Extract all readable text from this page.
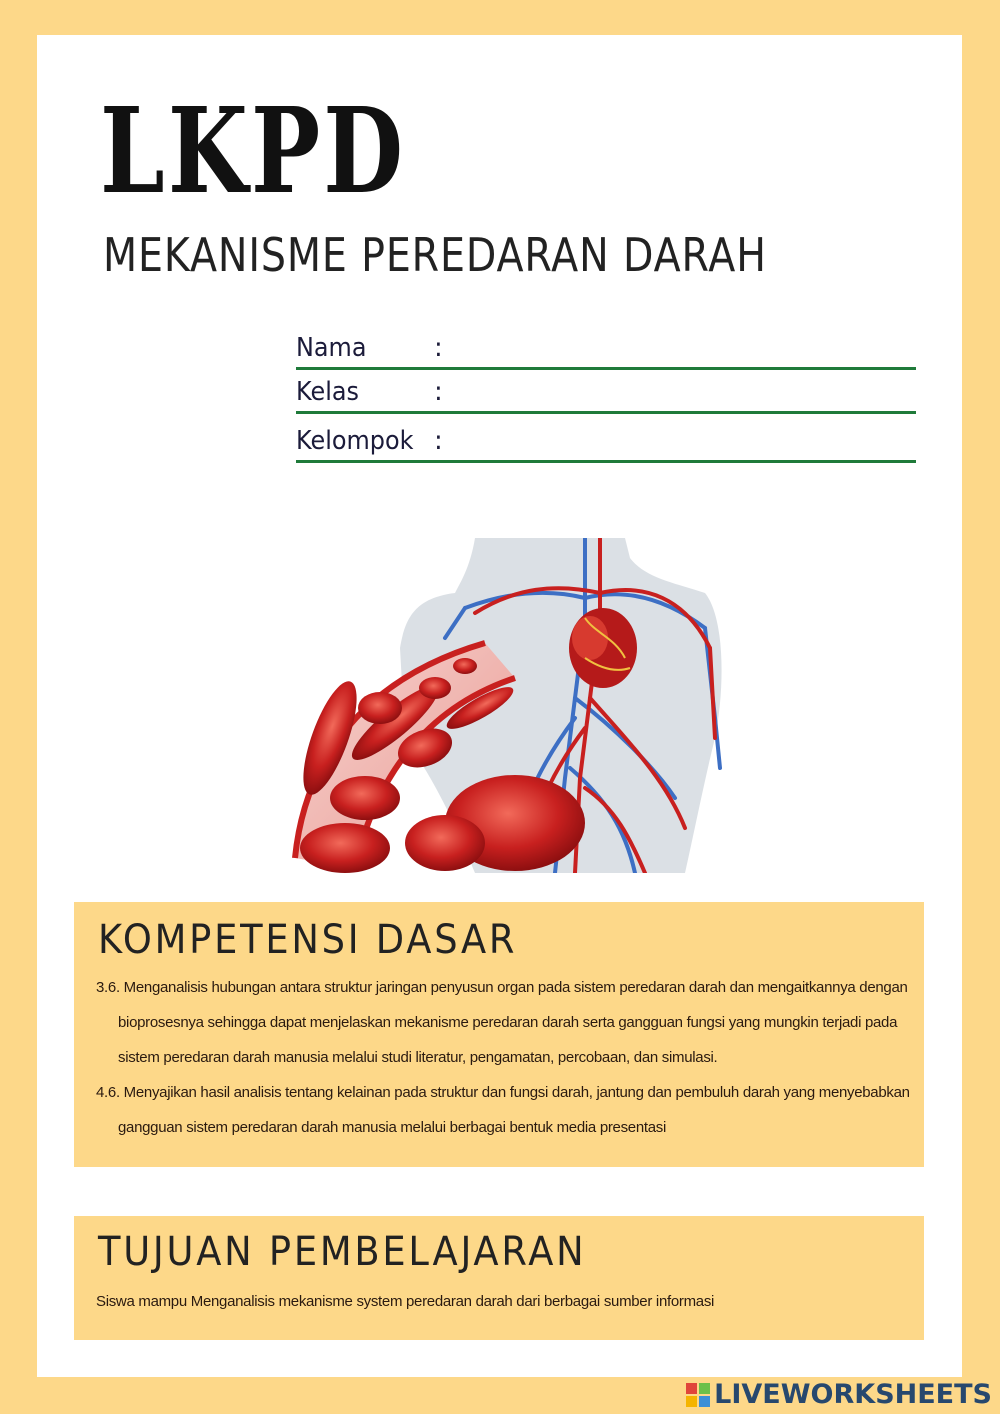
LKPD
MEKANISME PEREDARAN DARAH
Nama	:
Kelas	:
Kelompok :
KOMPETENSI DASAR
3.6. Menganalisis hubungan antara struktur jaringan penyusun organ pada sistem peredaran darah dan mengaitkannya dengan
bioprosesnya sehingga dapat menjelaskan mekanisme peredaran darah serta gangguan fungsi yang mungkin terjadi pada
sistem peredaran darah manusia melalui studi literatur, pengamatan, percobaan, dan simulasi.
4.6. Menyajikan hasil analisis tentang kelainan pada struktur dan fungsi darah, jantung dan pembuluh darah yang menyebabkan
gangguan sistem peredaran darah manusia melalui berbagai bentuk media presentasi
TUJUAN PEMBELAJARAN
Siswa mampu Menganalisis mekanisme system peredaran darah dari berbagai sumber informasi
LIVEWORKSHEETS
